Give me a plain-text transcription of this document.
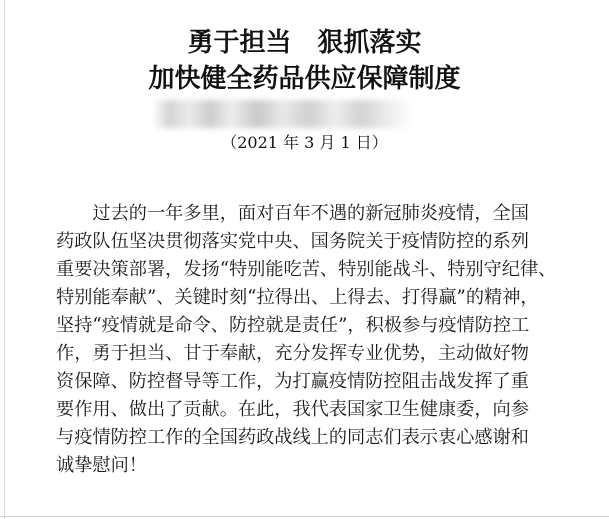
勇于担当　狠抓落实
加快健全药品供应保障制度
（2021 年 3 月 1 日）
　　过去的一年多里，面对百年不遇的新冠肺炎疫情，全国
药政队伍坚决贯彻落实党中央、国务院关于疫情防控的系列
重要决策部署，发扬“特别能吃苦、特别能战斗、特别守纪律、
特别能奉献”、关键时刻“拉得出、上得去、打得赢”的精神，
坚持“疫情就是命令、防控就是责任”，积极参与疫情防控工
作，勇于担当、甘于奉献，充分发挥专业优势，主动做好物
资保障、防控督导等工作，为打赢疫情防控阻击战发挥了重
要作用、做出了贡献。在此，我代表国家卫生健康委，向参
与疫情防控工作的全国药政战线上的同志们表示衷心感谢和
诚挚慰问！
